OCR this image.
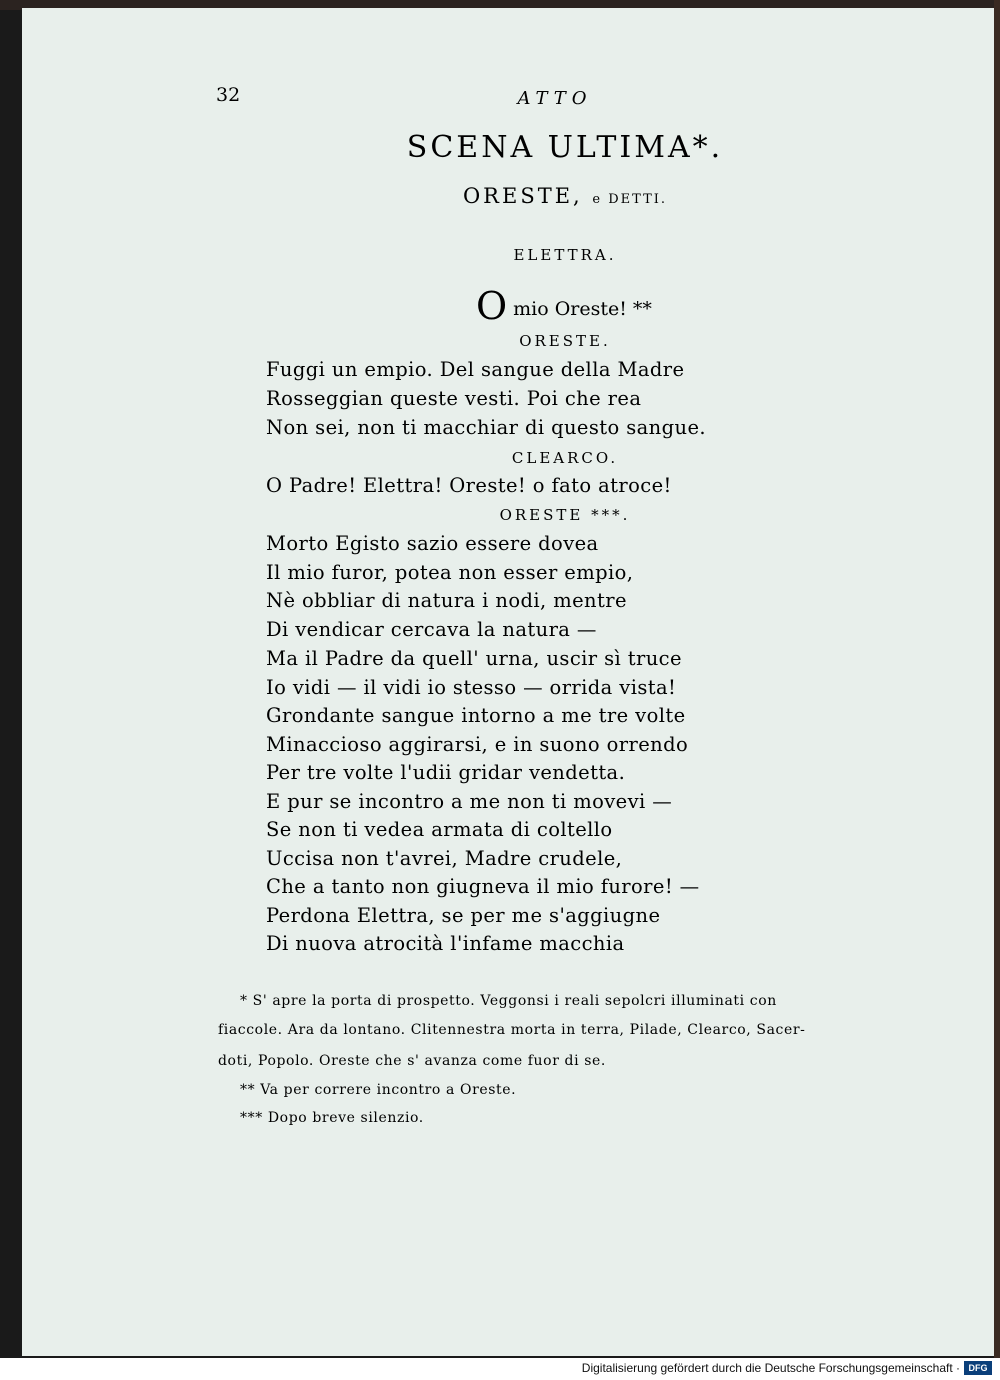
32	ATTO
SCENA ULTIMA*.
ORESTE, e DETTI.
ELETTRA.
Omio Oreste! **
ORESTE.
Fuggi un empio. Del sangue della Madre
Rosseggian queste vesti. Poi che rea
Non sei, non ti macchiar di questo sangue.
CLEARCO.
O Padre! Elettra! Oreste! o fato atroce!
ORESTE ***.
Morto Egisto sazio essere dovea
Il mio furor, potea non esser empio,
Nè obbliar di natura i nodi, mentre
Di vendicar cercava la natura —
Ma il Padre da quell' urna, uscir sì truce
Io vidi — il vidi io stesso — orrida vista!
Grondante sangue intorno a me tre volte
Minaccioso aggirarsi, e in suono orrendo
Per tre volte l'udii gridar vendetta.
E pur se incontro a me non ti movevi —
Se non ti vedea armata di coltello
Uccisa non t'avrei, Madre crudele,
Che a tanto non giugneva il mio furore! —
Perdona Elettra, se per me s'aggiugne
Di nuova atrocità l'infame macchia
* S' apre la porta di prospetto. Veggonsi i reali sepolcri illuminati con
fiaccole. Ara da lontano. Clitennestra morta in terra, Pilade, Clearco, Sacer-
doti, Popolo. Oreste che s' avanza come fuor di se.
** Va per correre incontro a Oreste.
*** Dopo breve silenzio.
Digitalisierung gefördert durch die Deutsche Forschungsgemeinschaft · DFG
